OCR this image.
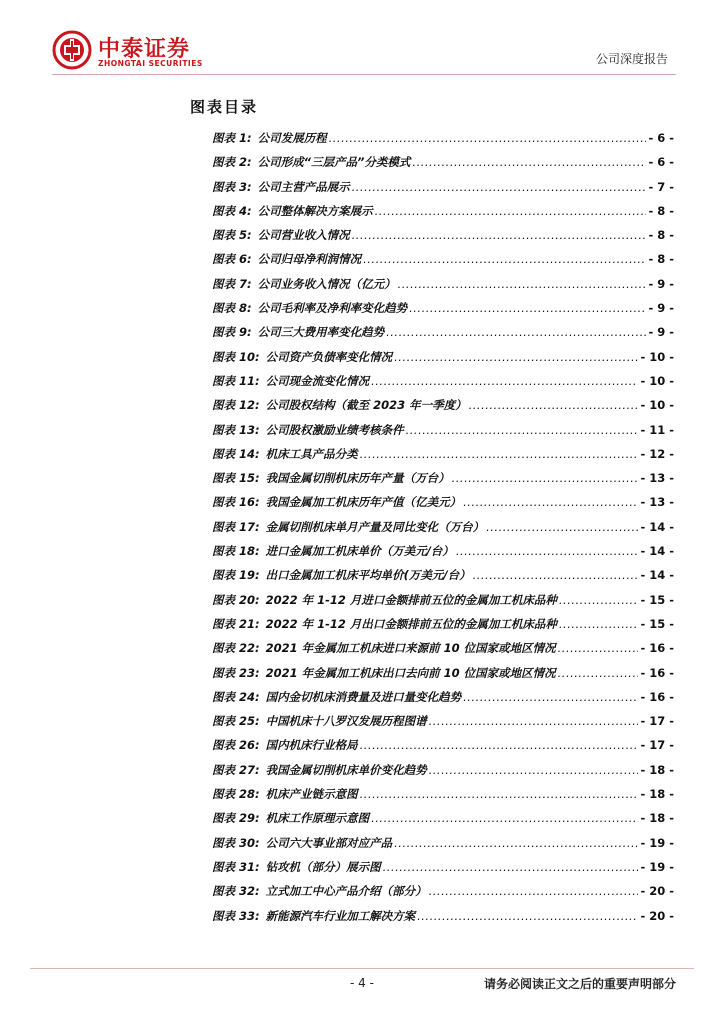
中泰证券
ZHONGTAI SECURITIES	公司深度报告
图表目录
图表 1: 公司发展历程 .....	- 6 -
图表 2: 公司形成“三层产品”分类模式 .....	- 6 -
图表 3: 公司主营产品展示 .....	- 7 -
图表 4: 公司整体解决方案展示 .....	- 8 -
图表 5: 公司营业收入情况 .....	- 8 -
图表 6: 公司归母净利润情况 .....	- 8 -
图表 7: 公司业务收入情况（亿元） .....	- 9 -
图表 8: 公司毛利率及净利率变化趋势 .....	- 9 -
图表 9: 公司三大费用率变化趋势 .....	- 9 -
图表 10: 公司资产负债率变化情况 .....	- 10 -
图表 11: 公司现金流变化情况 .....	- 10 -
图表 12: 公司股权结构（截至 2023 年一季度） .....	- 10 -
图表 13: 公司股权激励业绩考核条件 .....	- 11 -
图表 14: 机床工具产品分类 .....	- 12 -
图表 15: 我国金属切削机床历年产量（万台） .....	- 13 -
图表 16: 我国金属加工机床历年产值（亿美元） .....	- 13 -
图表 17: 金属切削机床单月产量及同比变化（万台） .....	- 14 -
图表 18: 进口金属加工机床单价（万美元/台） .....	- 14 -
图表 19: 出口金属加工机床平均单价(万美元/台） .....	- 14 -
图表 20: 2022 年 1-12 月进口金额排前五位的金属加工机床品种 .....	- 15 -
图表 21: 2022 年 1-12 月出口金额排前五位的金属加工机床品种 .....	- 15 -
图表 22: 2021 年金属加工机床进口来源前 10 位国家或地区情况 .....	- 16 -
图表 23: 2021 年金属加工机床出口去向前 10 位国家或地区情况 .....	- 16 -
图表 24: 国内金切机床消费量及进口量变化趋势 .....	- 16 -
图表 25: 中国机床十八罗汉发展历程图谱 .....	- 17 -
图表 26: 国内机床行业格局 .....	- 17 -
图表 27: 我国金属切削机床单价变化趋势 .....	- 18 -
图表 28: 机床产业链示意图 .....	- 18 -
图表 29: 机床工作原理示意图 .....	- 18 -
图表 30: 公司六大事业部对应产品 .....	- 19 -
图表 31: 钻攻机（部分）展示图 .....	- 19 -
图表 32: 立式加工中心产品介绍（部分） .....	- 20 -
图表 33: 新能源汽车行业加工解决方案 .....	- 20 -
- 4 -	请务必阅读正文之后的重要声明部分
